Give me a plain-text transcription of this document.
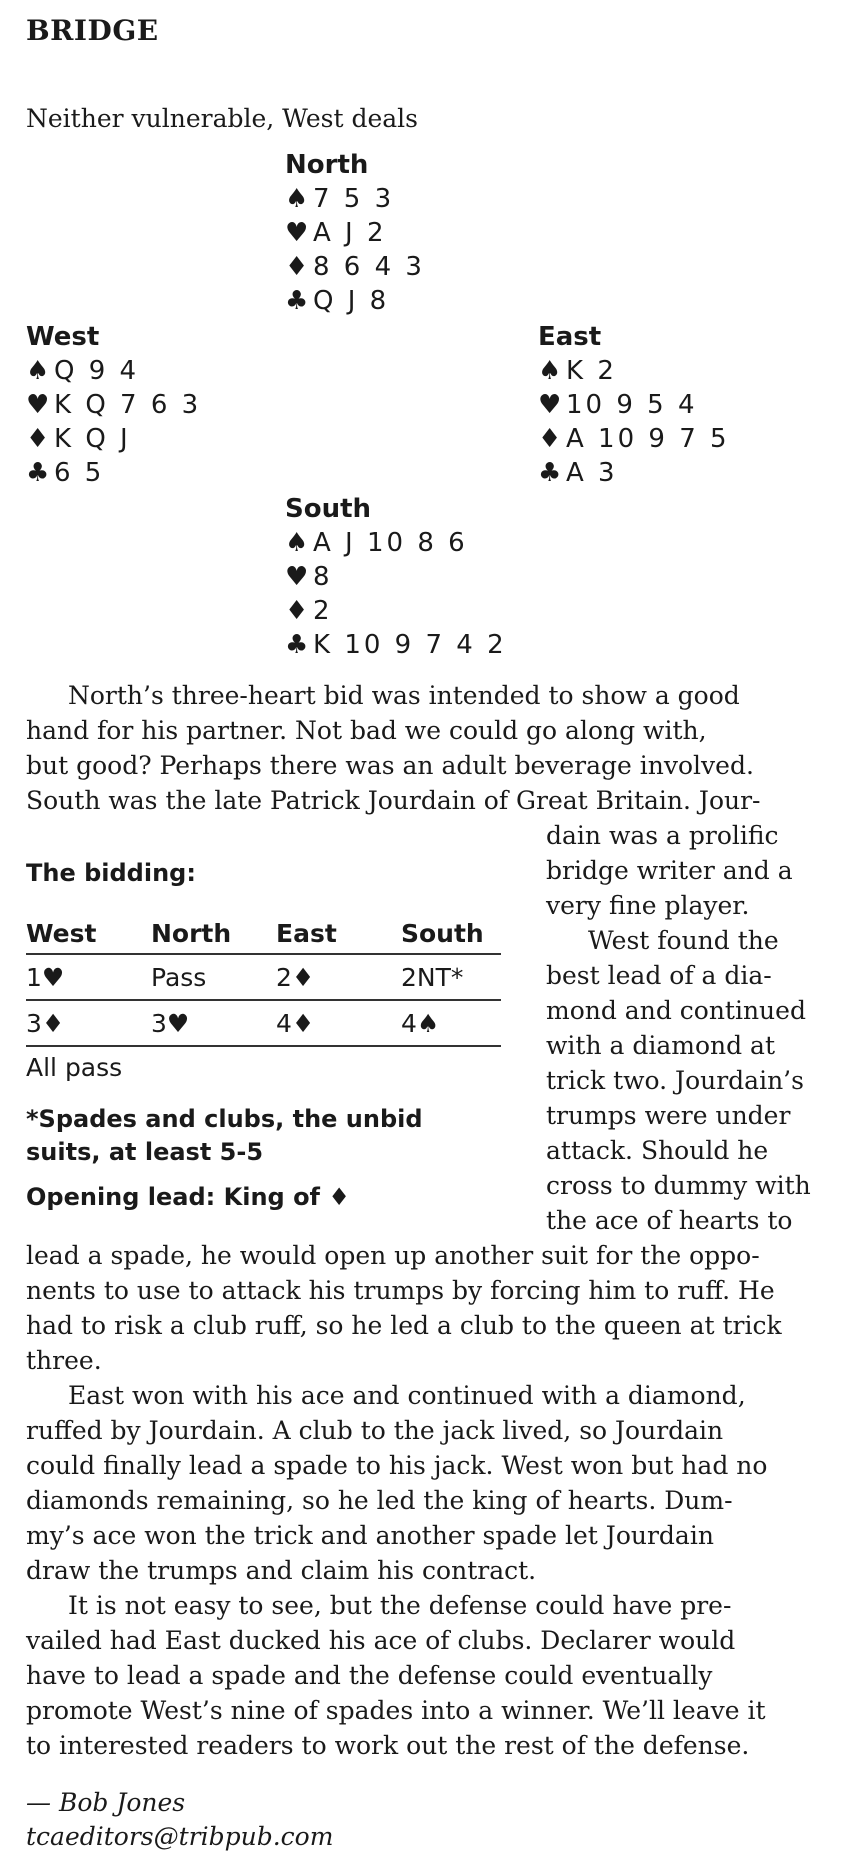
BRIDGE
Neither vulnerable, West deals
North
♠ 7 5 3
♥ A J 2
♦ 8 6 4 3
♣ Q J 8
West
♠ Q 9 4
♥ K Q 7 6 3
♦ K Q J
♣ 6 5
East
♠ K 2
♥ 10 9 5 4
♦ A 10 9 7 5
♣ A 3
South
♠ A J 10 8 6
♥ 8
♦ 2
♣ K 10 9 7 4 2

North’s three-heart bid was intended to show a good

hand for his partner. Not bad we could go along with,

but good? Perhaps there was an adult beverage involved.

South was the late Patrick Jourdain of Great Britain. Jour-

dain was a prolific

bridge writer and a

very fine player.

West found the

best lead of a dia-

mond and continued

with a diamond at

trick two. Jourdain’s

trumps were under

attack. Should he

cross to dummy with

the ace of hearts to

The bidding:
West	North	East	South
1♥	Pass	2♦	2NT*
3♦	3♥	4♦	4♠
All pass
*Spades and clubs, the unbid suits, at least 5-5
Opening lead: King of ♦

lead a spade, he would open up another suit for the oppo-

nents to use to attack his trumps by forcing him to ruff. He

had to risk a club ruff, so he led a club to the queen at trick

three.

East won with his ace and continued with a diamond,

ruffed by Jourdain. A club to the jack lived, so Jourdain

could finally lead a spade to his jack. West won but had no

diamonds remaining, so he led the king of hearts. Dum-

my’s ace won the trick and another spade let Jourdain

draw the trumps and claim his contract.

It is not easy to see, but the defense could have pre-

vailed had East ducked his ace of clubs. Declarer would

have to lead a spade and the defense could eventually

promote West’s nine of spades into a winner. We’ll leave it

to interested readers to work out the rest of the defense.

— Bob Jones
tcaeditors@tribpub.com
